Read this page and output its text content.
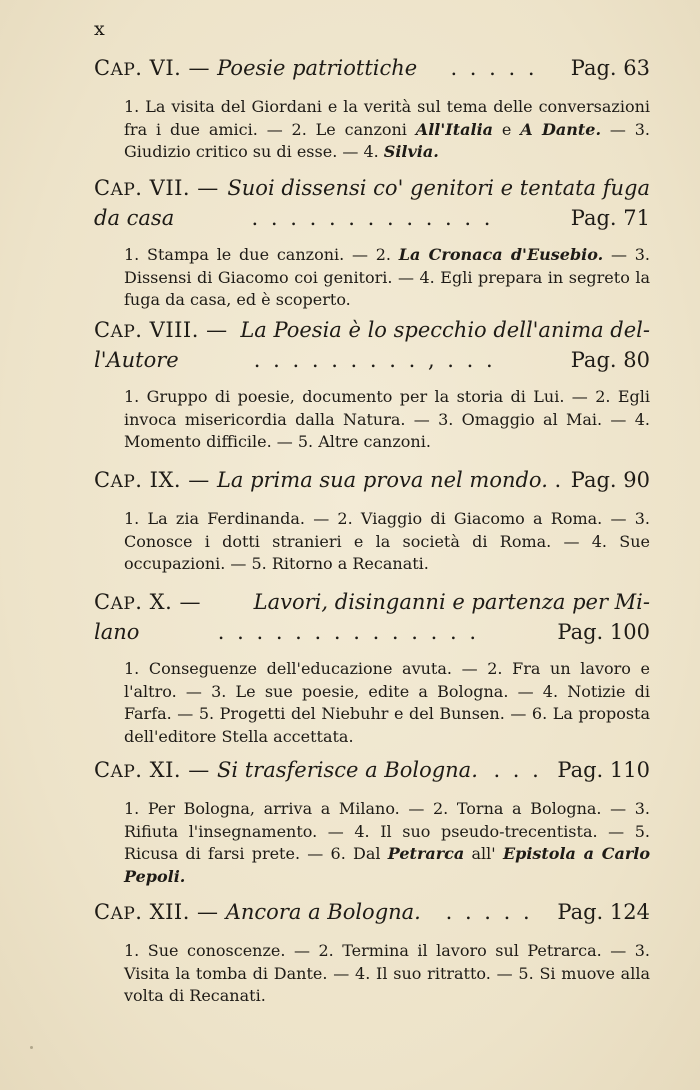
x
CAP. VI. — Poesie patriottiche . . . . . Pag. 63
1. La visita del Giordani e la verità sul tema delle conversazioni fra i due amici. — 2. Le canzoni All'Italia e A Dante. — 3. Giudizio critico su di esse. — 4. Silvia.
CAP. VII. — Suoi dissensi co' genitori e tentata fuga
da casa	. . . . . . . . . . . . .	Pag. 71
1. Stampa le due canzoni. — 2. La Cronaca d'Eusebio. — 3. Dissensi di Giacomo coi genitori. — 4. Egli prepara in segreto la fuga da casa, ed è scoperto.
CAP. VIII. — La Poesia è lo specchio dell'anima del-
l'Autore	. . . . . . . . . , . . .	Pag. 80
1. Gruppo di poesie, documento per la storia di Lui. — 2. Egli invoca misericordia dalla Natura. — 3. Omaggio al Mai. — 4. Momento difficile. — 5. Altre canzoni.
CAP. IX. — La prima sua prova nel mondo. . Pag. 90
1. La zia Ferdinanda. — 2. Viaggio di Giacomo a Roma. — 3. Conosce i dotti stranieri e la società di Roma. — 4. Sue occupazioni. — 5. Ritorno a Recanati.
CAP. X. —	Lavori, disinganni e partenza per Mi-
lano	. . . . . . . . . . . . . .	Pag. 100
1. Conseguenze dell'educazione avuta. — 2. Fra un lavoro e l'altro. — 3. Le sue poesie, edite a Bologna. — 4. Notizie di Farfa. — 5. Progetti del Niebuhr e del Bunsen. — 6. La proposta dell'editore Stella accettata.
CAP. XI. — Si trasferisce a Bologna. . . . Pag. 110
1. Per Bologna, arriva a Milano. — 2. Torna a Bologna. — 3. Rifiuta l'insegnamento. — 4. Il suo pseudo-trecentista. — 5. Ricusa di farsi prete. — 6. Dal Petrarca all' Epistola a Carlo Pepoli.
CAP. XII. — Ancora a Bologna. . . . . . Pag. 124
1. Sue conoscenze. — 2. Termina il lavoro sul Petrarca. — 3. Visita la tomba di Dante. — 4. Il suo ritratto. — 5. Si muove alla volta di Recanati.
